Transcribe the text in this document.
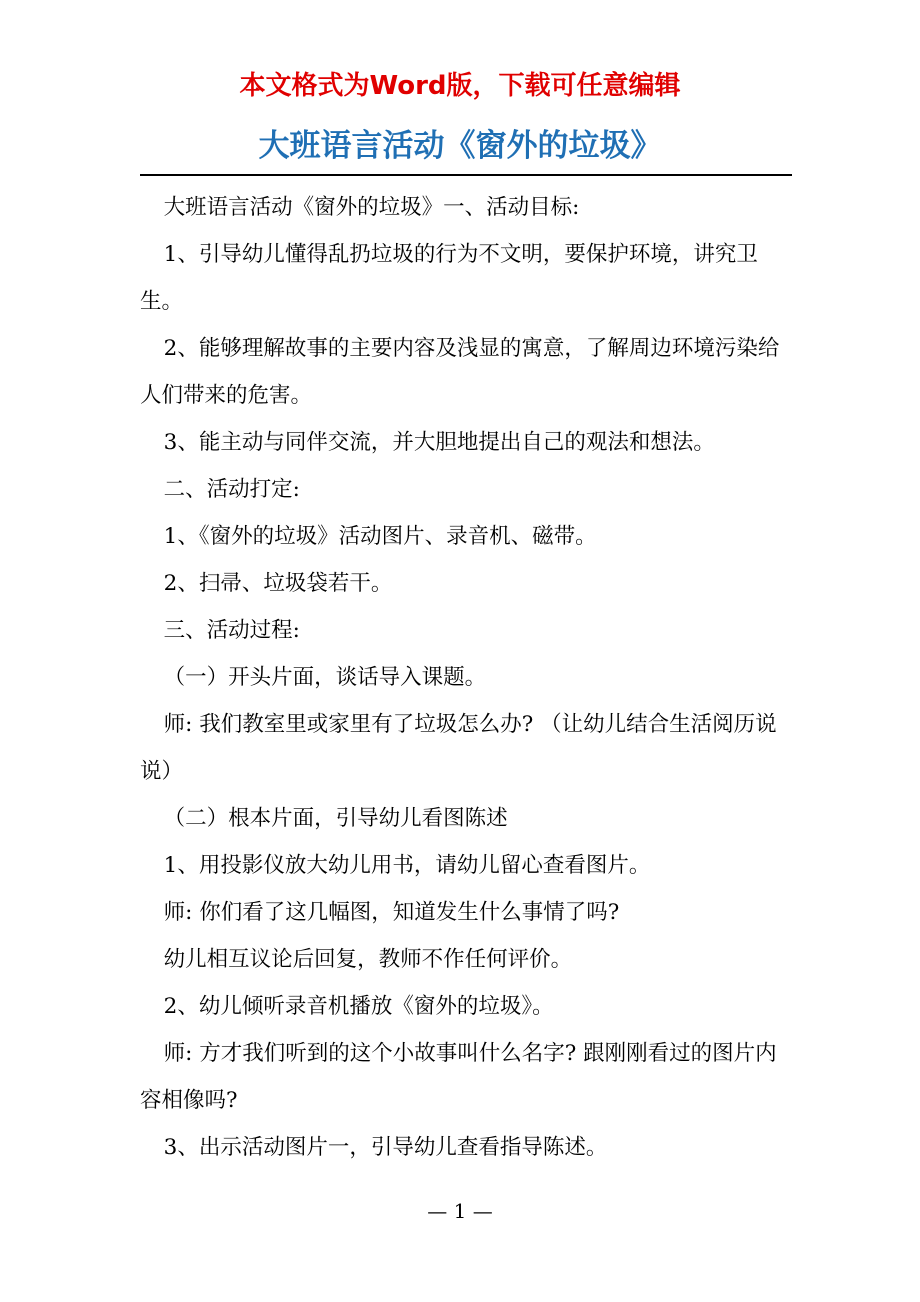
本文格式为Word版，下载可任意编辑
大班语言活动《窗外的垃圾》

大班语言活动《窗外的垃圾》一、活动目标:

1、引导幼儿懂得乱扔垃圾的行为不文明，要保护环境，讲究卫生。

2、能够理解故事的主要内容及浅显的寓意，了解周边环境污染给人们带来的危害。

3、能主动与同伴交流，并大胆地提出自己的观法和想法。

二、活动打定:

1、《窗外的垃圾》活动图片、录音机、磁带。

2、扫帚、垃圾袋若干。

三、活动过程:

（一）开头片面，谈话导入课题。

师: 我们教室里或家里有了垃圾怎么办? （让幼儿结合生活阅历说说）

（二）根本片面，引导幼儿看图陈述

1、用投影仪放大幼儿用书，请幼儿留心查看图片。

师: 你们看了这几幅图，知道发生什么事情了吗?

幼儿相互议论后回复，教师不作任何评价。

2、幼儿倾听录音机播放《窗外的垃圾》。

师: 方才我们听到的这个小故事叫什么名字? 跟刚刚看过的图片内容相像吗?

3、出示活动图片一，引导幼儿查看指导陈述。

— 1 —
